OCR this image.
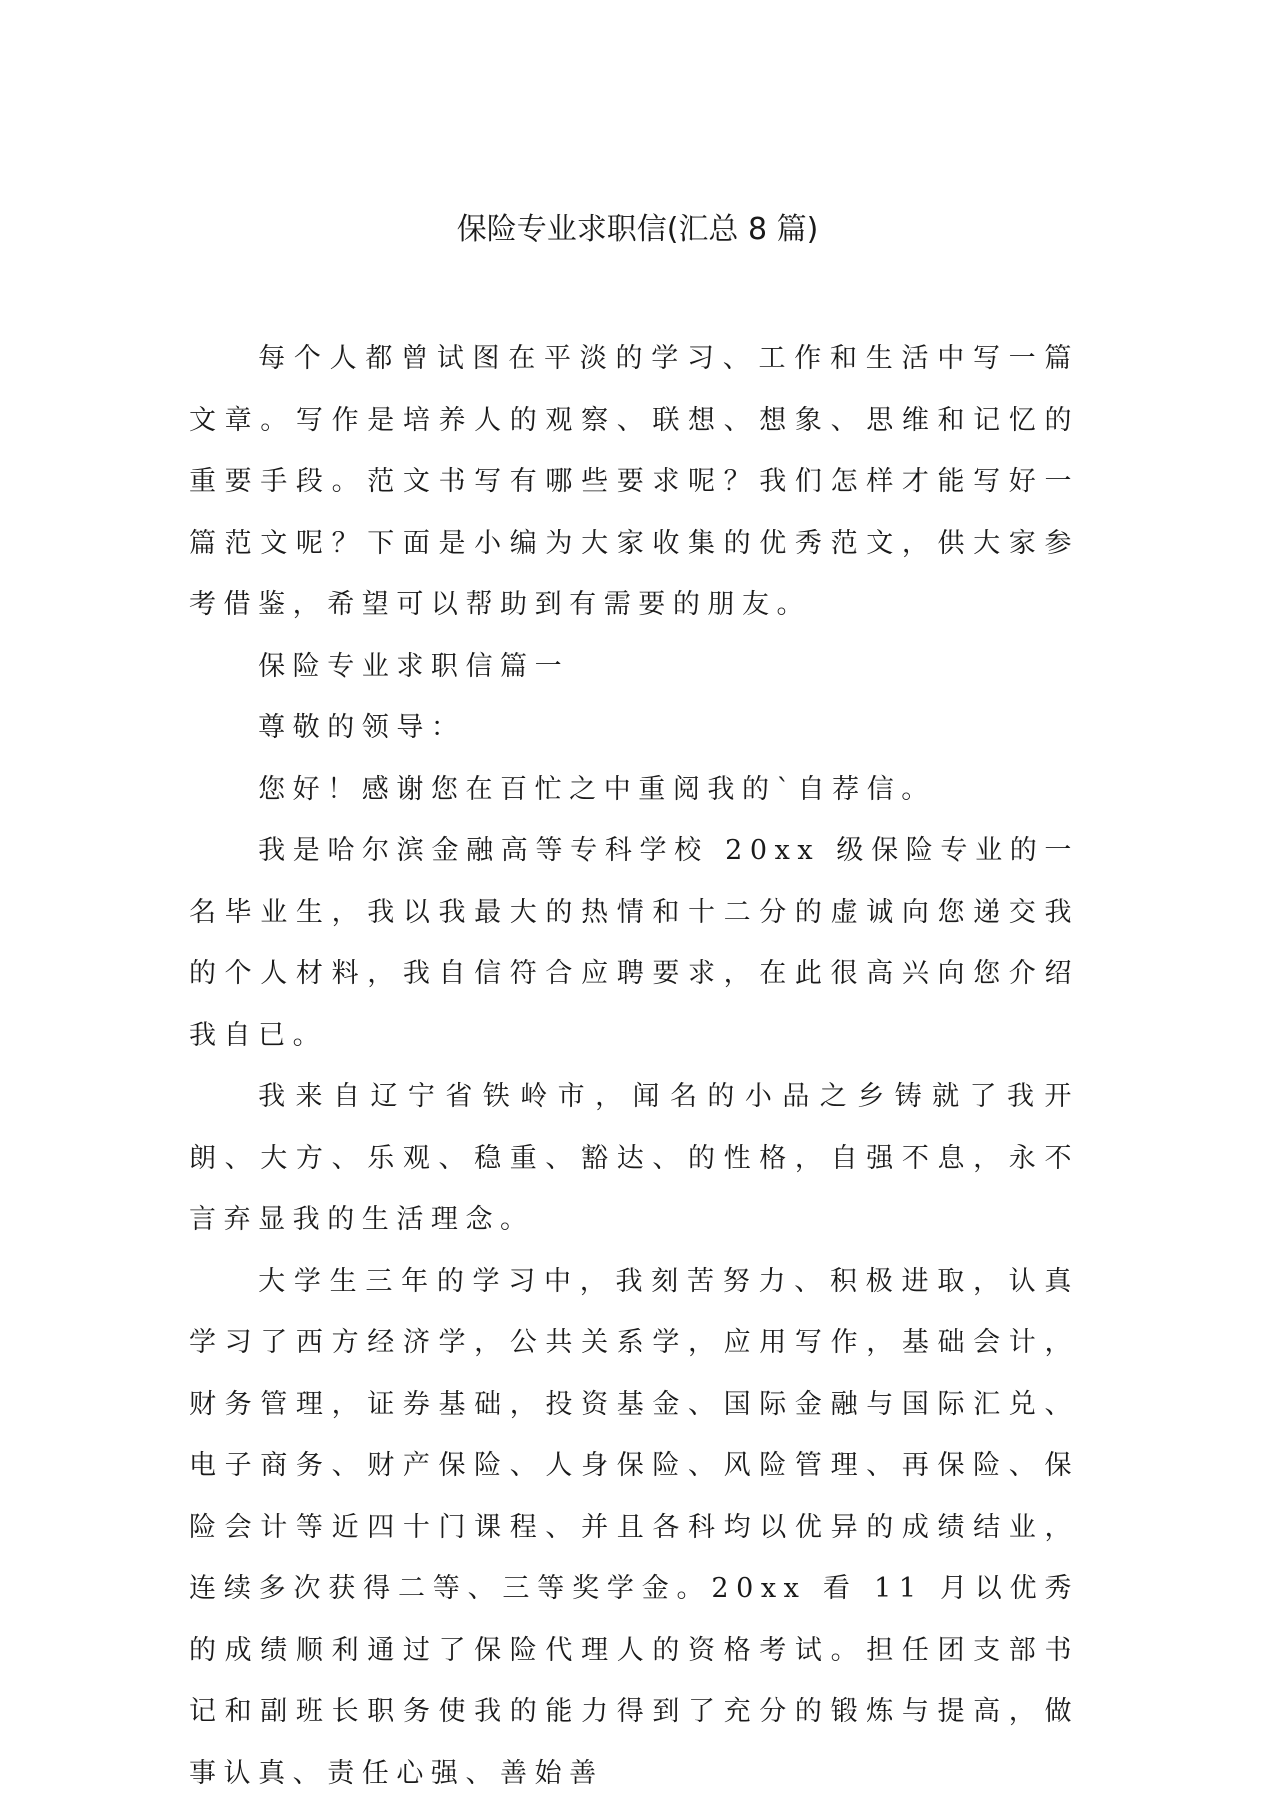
保险专业求职信(汇总 8 篇)

每个人都曾试图在平淡的学习、工作和生活中写一篇文章。写作是培养人的观察、联想、想象、思维和记忆的重要手段。范文书写有哪些要求呢？我们怎样才能写好一篇范文呢？下面是小编为大家收集的优秀范文，供大家参考借鉴，希望可以帮助到有需要的朋友。

保险专业求职信篇一

尊敬的领导：

您好！感谢您在百忙之中重阅我的`自荐信。

我是哈尔滨金融高等专科学校 20xx 级保险专业的一名毕业生，我以我最大的热情和十二分的虚诚向您递交我的个人材料，我自信符合应聘要求，在此很高兴向您介绍我自已。

我来自辽宁省铁岭市，闻名的小品之乡铸就了我开朗、大方、乐观、稳重、豁达、的性格，自强不息，永不言弃显我的生活理念。

大学生三年的学习中，我刻苦努力、积极进取，认真学习了西方经济学，公共关系学，应用写作，基础会计，财务管理，证券基础，投资基金、国际金融与国际汇兑、电子商务、财产保险、人身保险、风险管理、再保险、保险会计等近四十门课程、并且各科均以优异的成绩结业，连续多次获得二等、三等奖学金。20xx 看 11 月以优秀的成绩顺利通过了保险代理人的资格考试。担任团支部书记和副班长职务使我的能力得到了充分的锻炼与提高，做事认真、责任心强、善始善
